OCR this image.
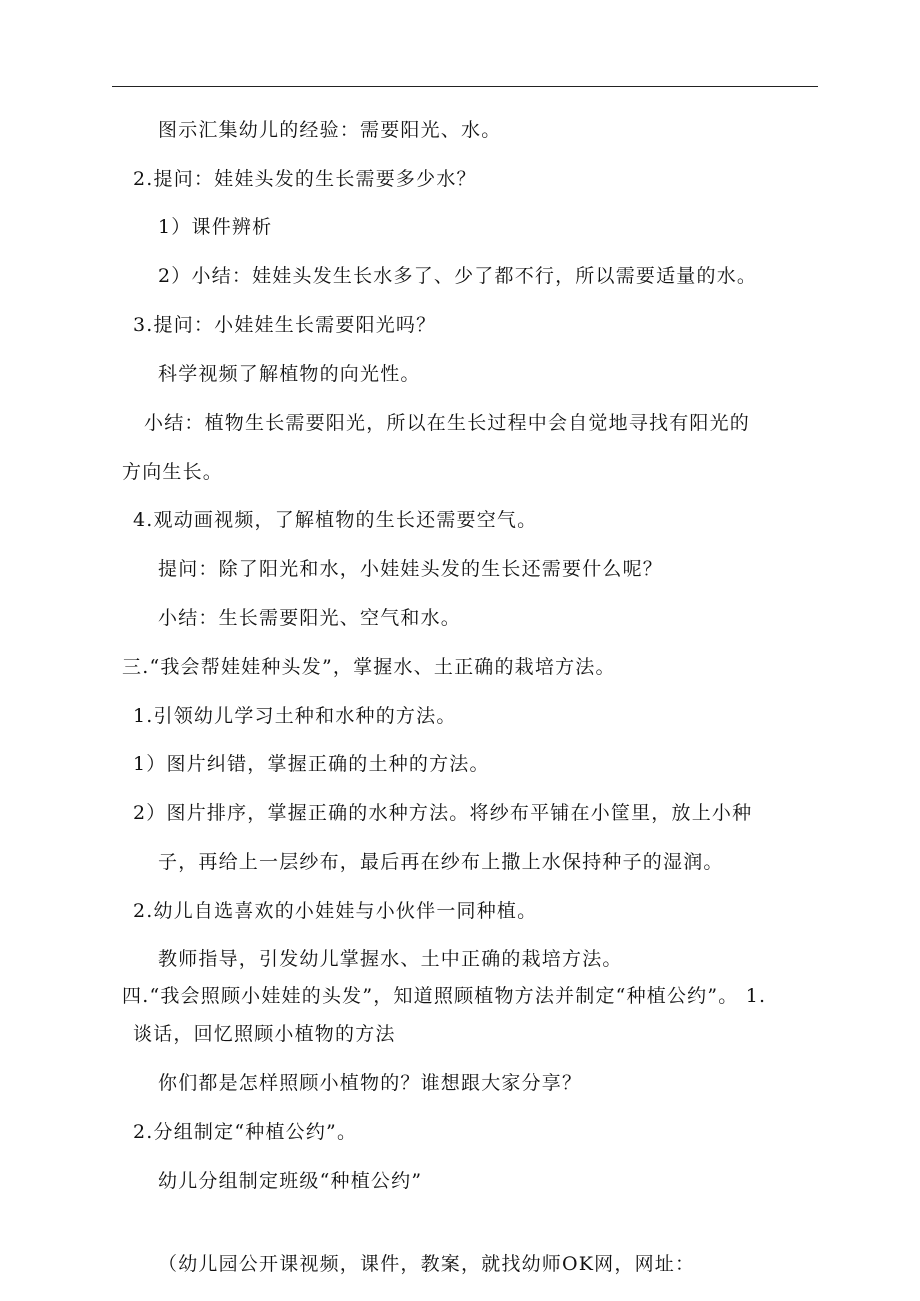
图示汇集幼儿的经验：需要阳光、水。
2.提问：娃娃头发的生长需要多少水？
1）课件辨析
2）小结：娃娃头发生长水多了、少了都不行，所以需要适量的水。
3.提问：小娃娃生长需要阳光吗？
科学视频了解植物的向光性。
小结：植物生长需要阳光，所以在生长过程中会自觉地寻找有阳光的
方向生长。
4.观动画视频，了解植物的生长还需要空气。
提问：除了阳光和水，小娃娃头发的生长还需要什么呢？
小结：生长需要阳光、空气和水。
三.“我会帮娃娃种头发”，掌握水、土正确的栽培方法。
1.引领幼儿学习土种和水种的方法。
1）图片纠错，掌握正确的土种的方法。
2）图片排序，掌握正确的水种方法。将纱布平铺在小筐里，放上小种
子，再给上一层纱布，最后再在纱布上撒上水保持种子的湿润。
2.幼儿自选喜欢的小娃娃与小伙伴一同种植。
教师指导，引发幼儿掌握水、土中正确的栽培方法。
四.“我会照顾小娃娃的头发”，知道照顾植物方法并制定“种植公约”。 1.
谈话，回忆照顾小植物的方法
你们都是怎样照顾小植物的？谁想跟大家分享？
2.分组制定“种植公约”。
幼儿分组制定班级“种植公约”
（幼儿园公开课视频，课件，教案，就找幼师OK网，网址：
